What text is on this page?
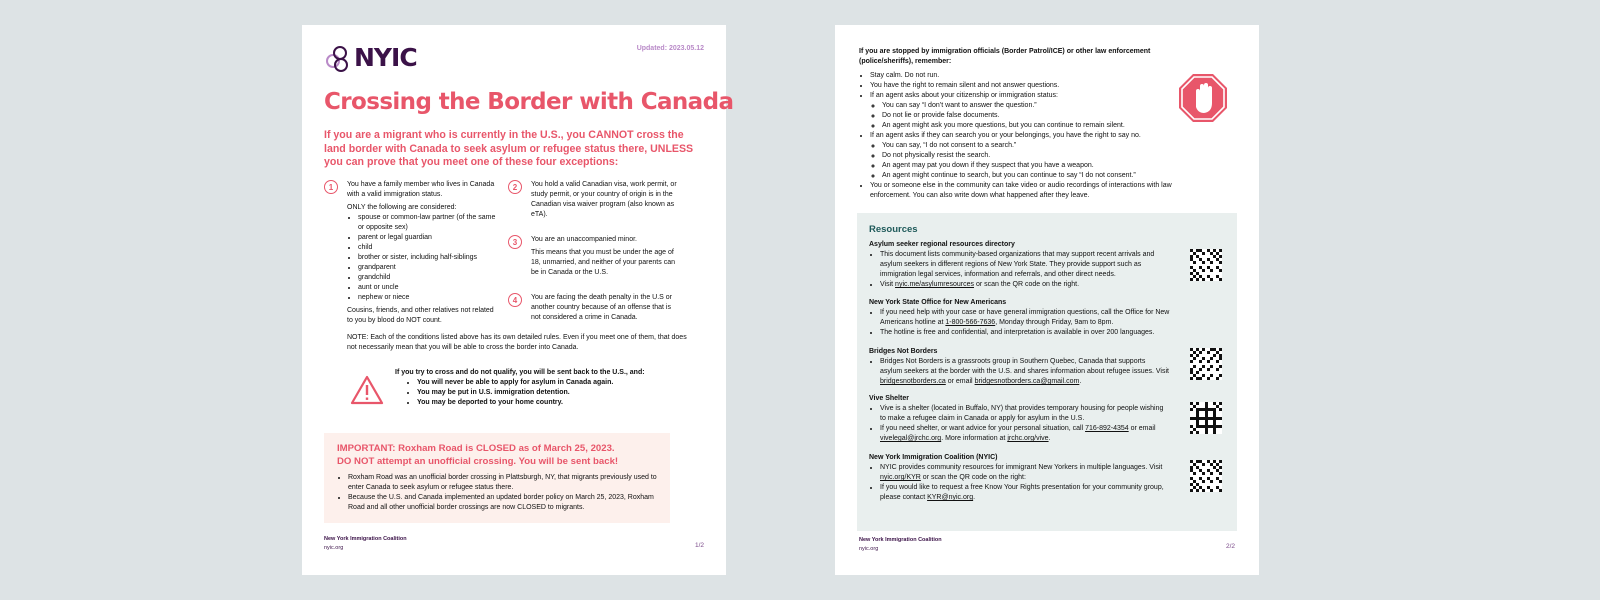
NYIC	Updated: 2023.05.12
Crossing the Border with Canada
If you are a migrant who is currently in the U.S., you CANNOT cross the land border with Canada to seek asylum or refugee status there, UNLESS you can prove that you meet one of these four exceptions:
1	You have a family member who lives in Canada with a valid immigration status.
ONLY the following are considered:
• spouse or common-law partner (of the same or opposite sex)
• parent or legal guardian
• child
• brother or sister, including half-siblings
• grandparent
• grandchild
• aunt or uncle
• nephew or niece
Cousins, friends, and other relatives not related to you by blood do NOT count.
2	You hold a valid Canadian visa, work permit, or study permit, or your country of origin is in the Canadian visa waiver program (also known as eTA).
3	You are an unaccompanied minor.
This means that you must be under the age of 18, unmarried, and neither of your parents can be in Canada or the U.S.
4	You are facing the death penalty in the U.S or another country because of an offense that is not considered a crime in Canada.
NOTE: Each of the conditions listed above has its own detailed rules. Even if you meet one of them, that does not necessarily mean that you will be able to cross the border into Canada.
If you try to cross and do not qualify, you will be sent back to the U.S., and:
• You will never be able to apply for asylum in Canada again.
• You may be put in U.S. immigration detention.
• You may be deported to your home country.
IMPORTANT: Roxham Road is CLOSED as of March 25, 2023.
DO NOT attempt an unofficial crossing. You will be sent back!
• Roxham Road was an unofficial border crossing in Plattsburgh, NY, that migrants previously used to enter Canada to seek asylum or refugee status there.
• Because the U.S. and Canada implemented an updated border policy on March 25, 2023, Roxham Road and all other unofficial border crossings are now CLOSED to migrants.
New York Immigration Coalition
nyic.org	1/2
If you are stopped by immigration officials (Border Patrol/ICE) or other law enforcement (police/sheriffs), remember:
• Stay calm. Do not run.
• You have the right to remain silent and not answer questions.
• If an agent asks about your citizenship or immigration status:
◦ You can say “I don’t want to answer the question.”
◦ Do not lie or provide false documents.
◦ An agent might ask you more questions, but you can continue to remain silent.
• If an agent asks if they can search you or your belongings, you have the right to say no.
◦ You can say, “I do not consent to a search.”
◦ Do not physically resist the search.
◦ An agent may pat you down if they suspect that you have a weapon.
◦ An agent might continue to search, but you can continue to say “I do not consent.”
• You or someone else in the community can take video or audio recordings of interactions with law enforcement. You can also write down what happened after they leave.
Resources
Asylum seeker regional resources directory
• This document lists community-based organizations that may support recent arrivals and asylum seekers in different regions of New York State. They provide support such as immigration legal services, information and referrals, and other direct needs.
• Visit nyic.me/asylumresources or scan the QR code on the right.
New York State Office for New Americans
• If you need help with your case or have general immigration questions, call the Office for New Americans hotline at 1-800-566-7636, Monday through Friday, 9am to 8pm.
• The hotline is free and confidential, and interpretation is available in over 200 languages.
Bridges Not Borders
• Bridges Not Borders is a grassroots group in Southern Quebec, Canada that supports asylum seekers at the border with the U.S. and shares information about refugee issues. Visit bridgesnotborders.ca or email bridgesnotborders.ca@gmail.com.
Vive Shelter
• Vive is a shelter (located in Buffalo, NY) that provides temporary housing for people wishing to make a refugee claim in Canada or apply for asylum in the U.S.
• If you need shelter, or want advice for your personal situation, call 716-892-4354 or email vivelegal@jrchc.org. More information at jrchc.org/vive.
New York Immigration Coalition (NYIC)
• NYIC provides community resources for immigrant New Yorkers in multiple languages. Visit nyic.org/KYR or scan the QR code on the right:
• If you would like to request a free Know Your Rights presentation for your community group, please contact KYR@nyic.org.
New York Immigration Coalition
nyic.org	2/2
